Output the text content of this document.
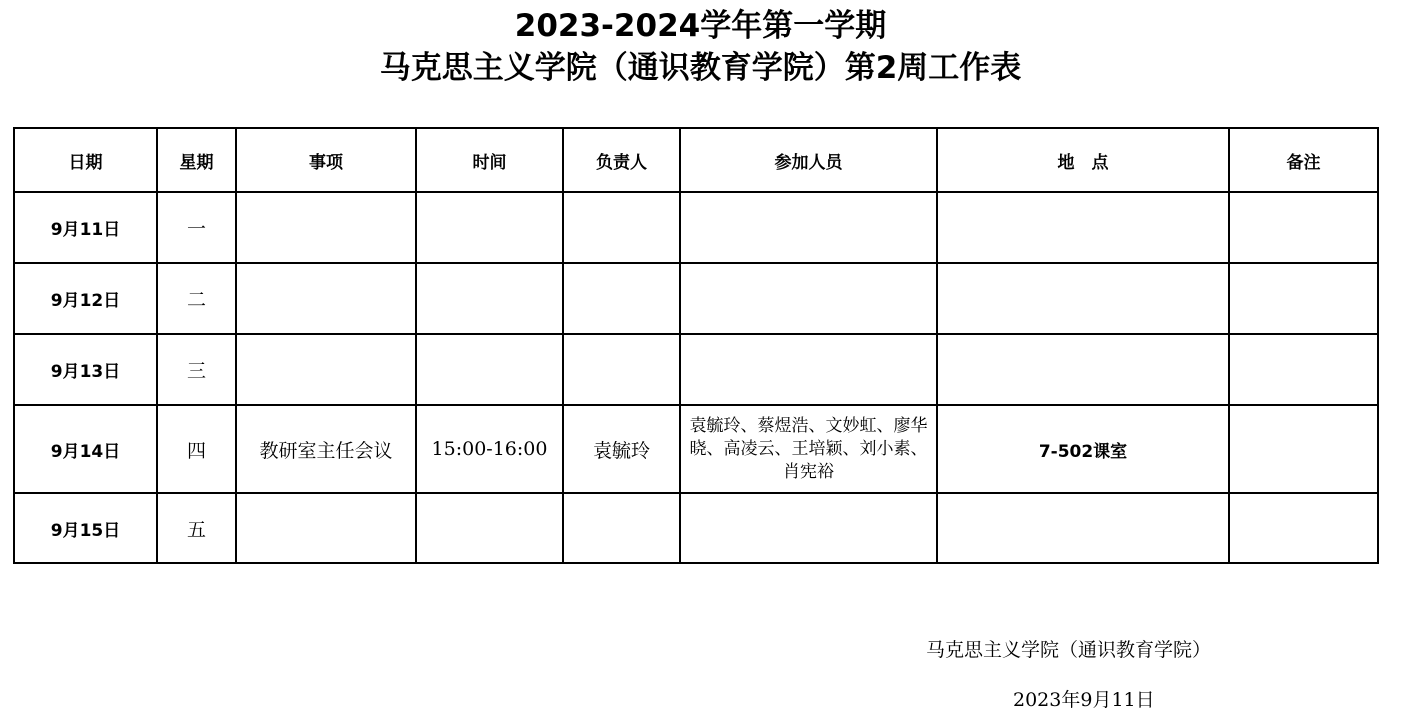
2023-2024学年第一学期
马克思主义学院（通识教育学院）第2周工作表
日期	星期	事项	时间	负责人	参加人员	地　点	备注
9月11日	一						
9月12日	二						
9月13日	三						
9月14日	四	教研室主任会议	15:00-16:00	袁毓玲	袁毓玲、蔡煜浩、文妙虹、廖华晓、高凌云、王培颖、刘小素、肖宪裕	7-502课室	
9月15日	五						
马克思主义学院（通识教育学院）
2023年9月11日
